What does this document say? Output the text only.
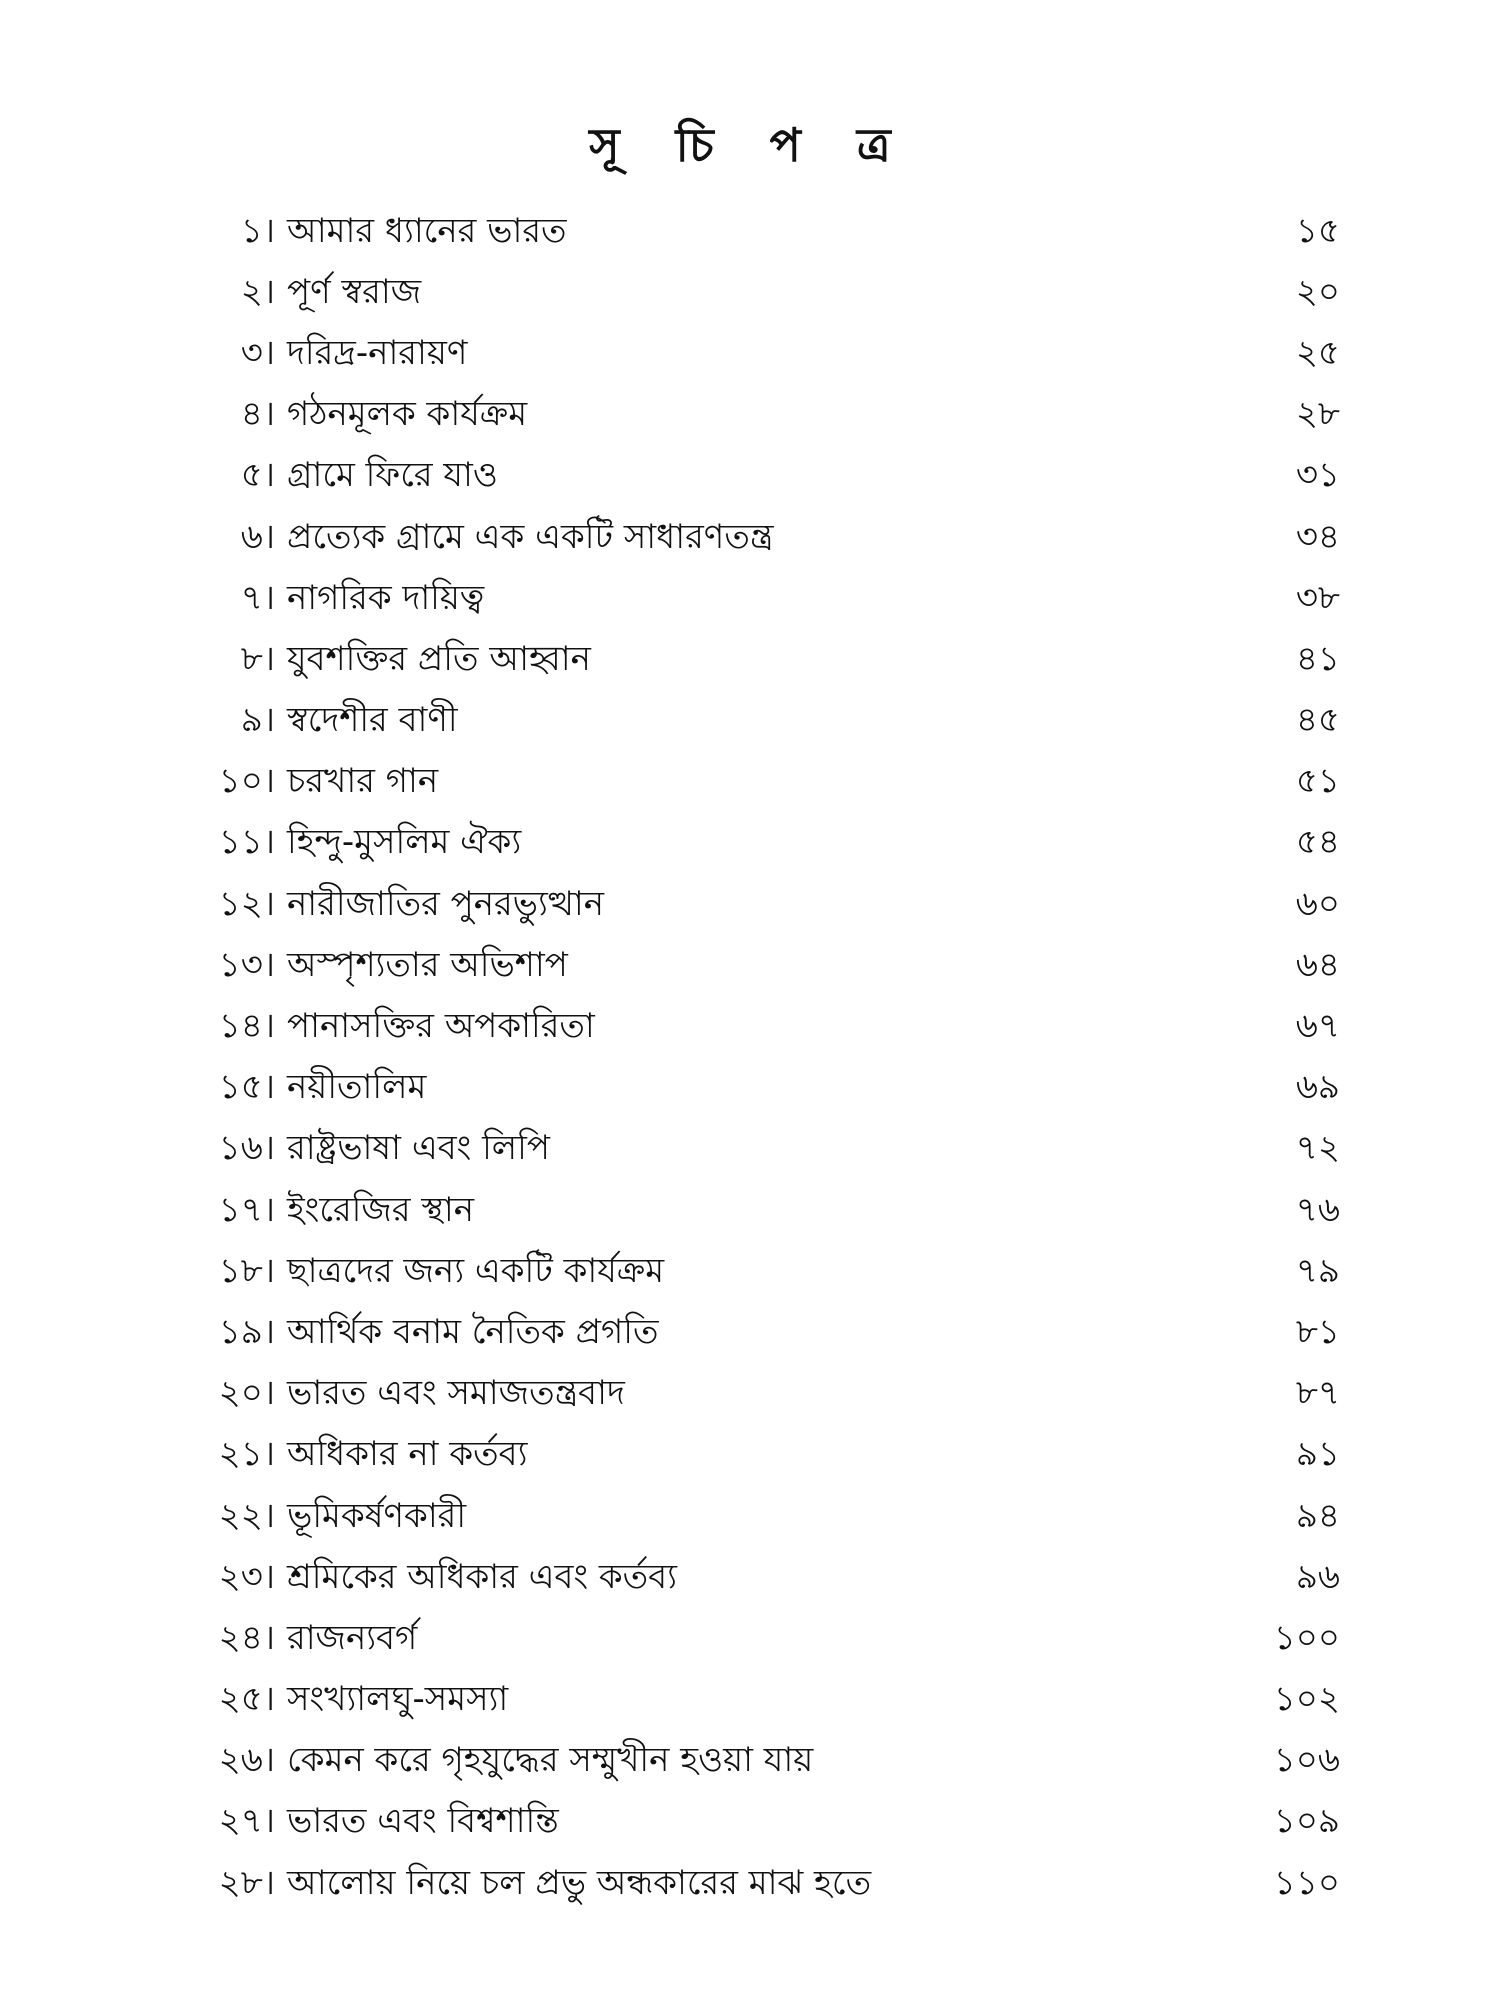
সূ চি প ত্র
১। আমার ধ্যানের ভারত	১৫
২। পূর্ণ স্বরাজ	২০
৩। দরিদ্র-নারায়ণ	২৫
৪। গঠনমূলক কার্যক্রম	২৮
৫। গ্রামে ফিরে যাও	৩১
৬। প্রত্যেক গ্রামে এক একটি সাধারণতন্ত্র	৩৪
৭। নাগরিক দায়িত্ব	৩৮
৮। যুবশক্তির প্রতি আহ্বান	৪১
৯। স্বদেশীর বাণী	৪৫
১০। চরখার গান	৫১
১১। হিন্দু-মুসলিম ঐক্য	৫৪
১২। নারীজাতির পুনরভ্যুত্থান	৬০
১৩। অস্পৃশ্যতার অভিশাপ	৬৪
১৪। পানাসক্তির অপকারিতা	৬৭
১৫। নয়ীতালিম	৬৯
১৬। রাষ্ট্রভাষা এবং লিপি	৭২
১৭। ইংরেজির স্থান	৭৬
১৮। ছাত্রদের জন্য একটি কার্যক্রম	৭৯
১৯। আর্থিক বনাম নৈতিক প্রগতি	৮১
২০। ভারত এবং সমাজতন্ত্রবাদ	৮৭
২১। অধিকার না কর্তব্য	৯১
২২। ভূমিকর্ষণকারী	৯৪
২৩। শ্রমিকের অধিকার এবং কর্তব্য	৯৬
২৪। রাজন্যবর্গ	১০০
২৫। সংখ্যালঘু-সমস্যা	১০২
২৬। কেমন করে গৃহযুদ্ধের সম্মুখীন হওয়া যায়	১০৬
২৭। ভারত এবং বিশ্বশান্তি	১০৯
২৮। আলোয় নিয়ে চল প্রভু অন্ধকারের মাঝ হতে	১১০
